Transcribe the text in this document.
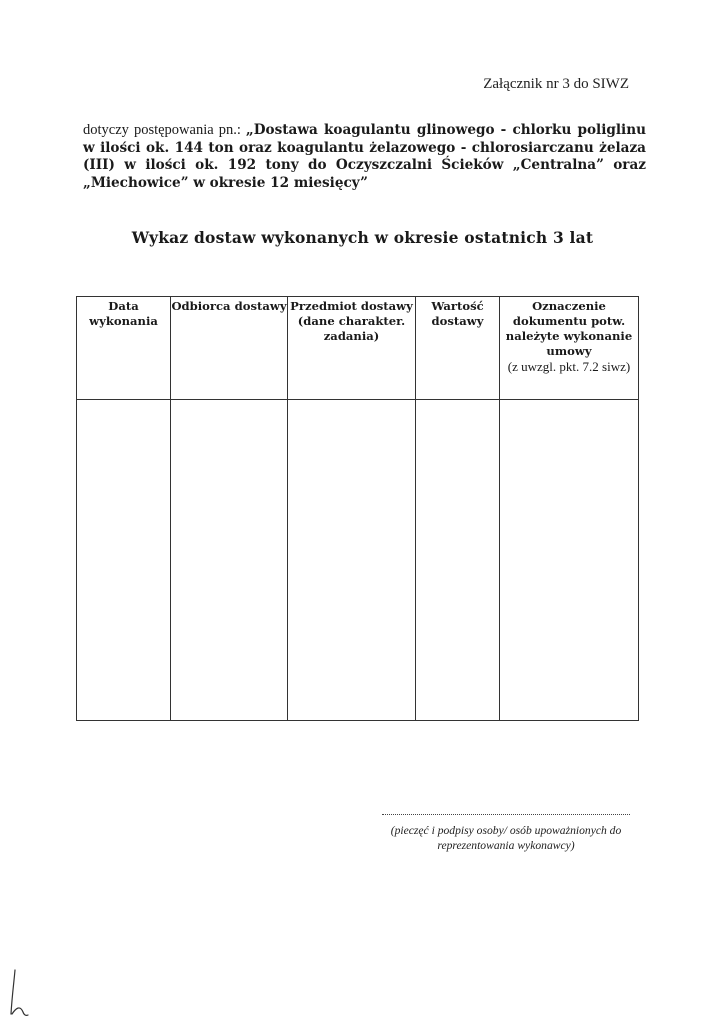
Załącznik nr 3 do SIWZ
dotyczy postępowania pn.: „Dostawa koagulantu glinowego - chlorku poliglinu w ilości ok. 144 ton oraz koagulantu żelazowego - chlorosiarczanu żelaza (III) w ilości ok. 192 tony do Oczyszczalni Ścieków „Centralna” oraz „Miechowice” w okresie 12 miesięcy”
Wykaz dostaw wykonanych w okresie ostatnich 3 lat
Data wykonania	Odbiorca dostawy	Przedmiot dostawy (dane charakter. zadania)	Wartość dostawy	Oznaczenie dokumentu potw. należyte wykonanie umowy
(z uwzgl. pkt. 7.2 siwz)

(pieczęć i podpisy osoby/ osób upoważnionych do reprezentowania wykonawcy)
